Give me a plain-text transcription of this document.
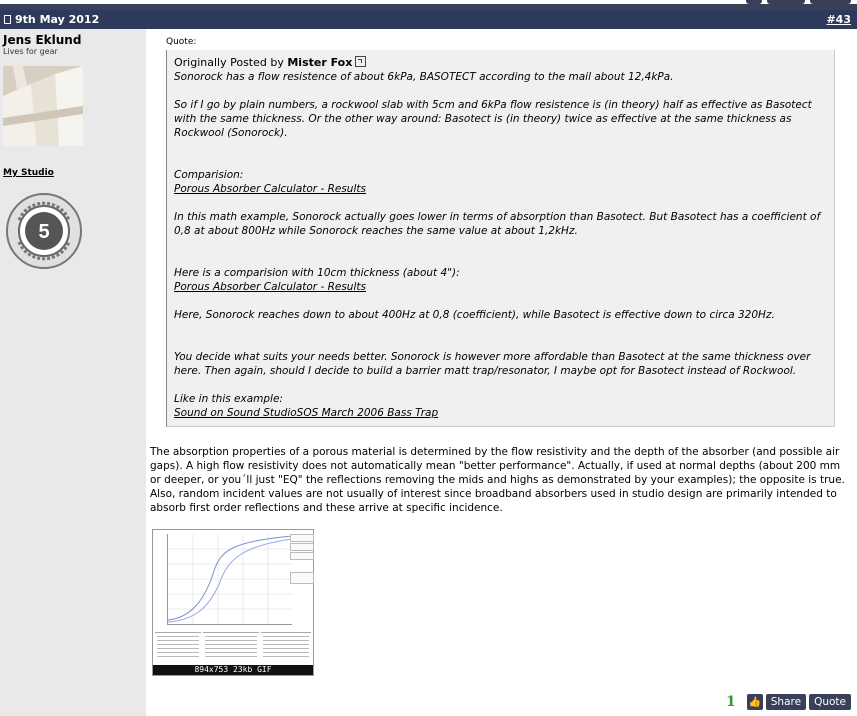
9th May 2012	#43
Jens Eklund
Lives for gear
My Studio
5
Quote:
Originally Posted by Mister Fox

Sonorock has a flow resistence of about 6kPa, BASOTECT according to the mail about 12,4kPa.

So if I go by plain numbers, a rockwool slab with 5cm and 6kPa flow resistence is (in theory) half as effective as Basotect with the same thickness. Or the other way around: Basotect is (in theory) twice as effective at the same thickness as Rockwool (Sonorock).

Comparision:

Porous Absorber Calculator - Results

In this math example, Sonorock actually goes lower in terms of absorption than Basotect. But Basotect has a coefficient of 0,8 at about 800Hz while Sonorock reaches the same value at about 1,2kHz.

Here is a comparision with 10cm thickness (about 4"):

Porous Absorber Calculator - Results

Here, Sonorock reaches down to about 400Hz at 0,8 (coefficient), while Basotect is effective down to circa 320Hz.

You decide what suits your needs better. Sonorock is however more affordable than Basotect at the same thickness over here. Then again, should I decide to build a barrier matt trap/resonator, I maybe opt for Basotect instead of Rockwool.

Like in this example:

Sound on Sound StudioSOS March 2006 Bass Trap

The absorption properties of a porous material is determined by the flow resistivity and the depth of the absorber (and possible air gaps). A high flow resistivity does not automatically mean "better performance". Actually, if used at normal depths (about 200 mm or deeper, or you´ll just "EQ" the reflections removing the mids and highs as demonstrated by your examples); the opposite is true. Also, random incident values are not usually of interest since broadband absorbers used in studio design are primarily intended to absorb first order reflections and these arrive at specific incidence.
894x753 23kb GIF
1 👍 Share	Quote
